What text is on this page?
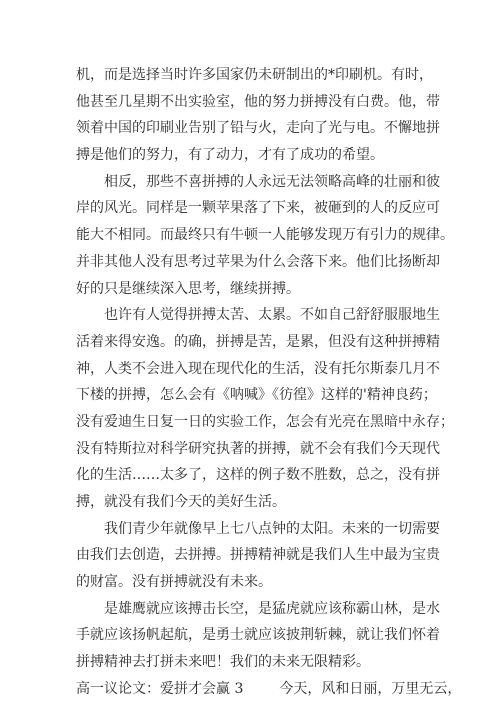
机，而是选择当时许多国家仍未研制出的*印刷机。有时，
他甚至几星期不出实验室，他的努力拼搏没有白费。他，带
领着中国的印刷业告别了铅与火，走向了光与电。不懈地拼
搏是他们的努力，有了动力，才有了成功的希望。
相反，那些不喜拼搏的人永远无法领略高峰的壮丽和彼
岸的风光。同样是一颗苹果落了下来，被砸到的人的反应可
能大不相同。而最终只有牛顿一人能够发现万有引力的规律。
并非其他人没有思考过苹果为什么会落下来。他们比扬断却
好的只是继续深入思考，继续拼搏。
也许有人觉得拼搏太苦、太累。不如自己舒舒服服地生
活着来得安逸。的确，拼搏是苦，是累，但没有这种拼搏精
神，人类不会进入现在现代化的生活，没有托尔斯泰几月不
下楼的拼搏，怎么会有《呐喊》《彷徨》这样的'精神良药；
没有爱迪生日复一日的实验工作，怎会有光亮在黑暗中永存；
没有特斯拉对科学研究执著的拼搏，就不会有我们今天现代
化的生活……太多了，这样的例子数不胜数，总之，没有拼
搏，就没有我们今天的美好生活。
我们青少年就像早上七八点钟的太阳。未来的一切需要
由我们去创造，去拼搏。拼搏精神就是我们人生中最为宝贵
的财富。没有拼搏就没有未来。
是雄鹰就应该搏击长空，是猛虎就应该称霸山林，是水
手就应该扬帆起航，是勇士就应该披荆斩棘，就让我们怀着
拼搏精神去打拼未来吧！我们的未来无限精彩。
高一议论文：爱拼才会赢 3	今天，风和日丽，万里无云，
